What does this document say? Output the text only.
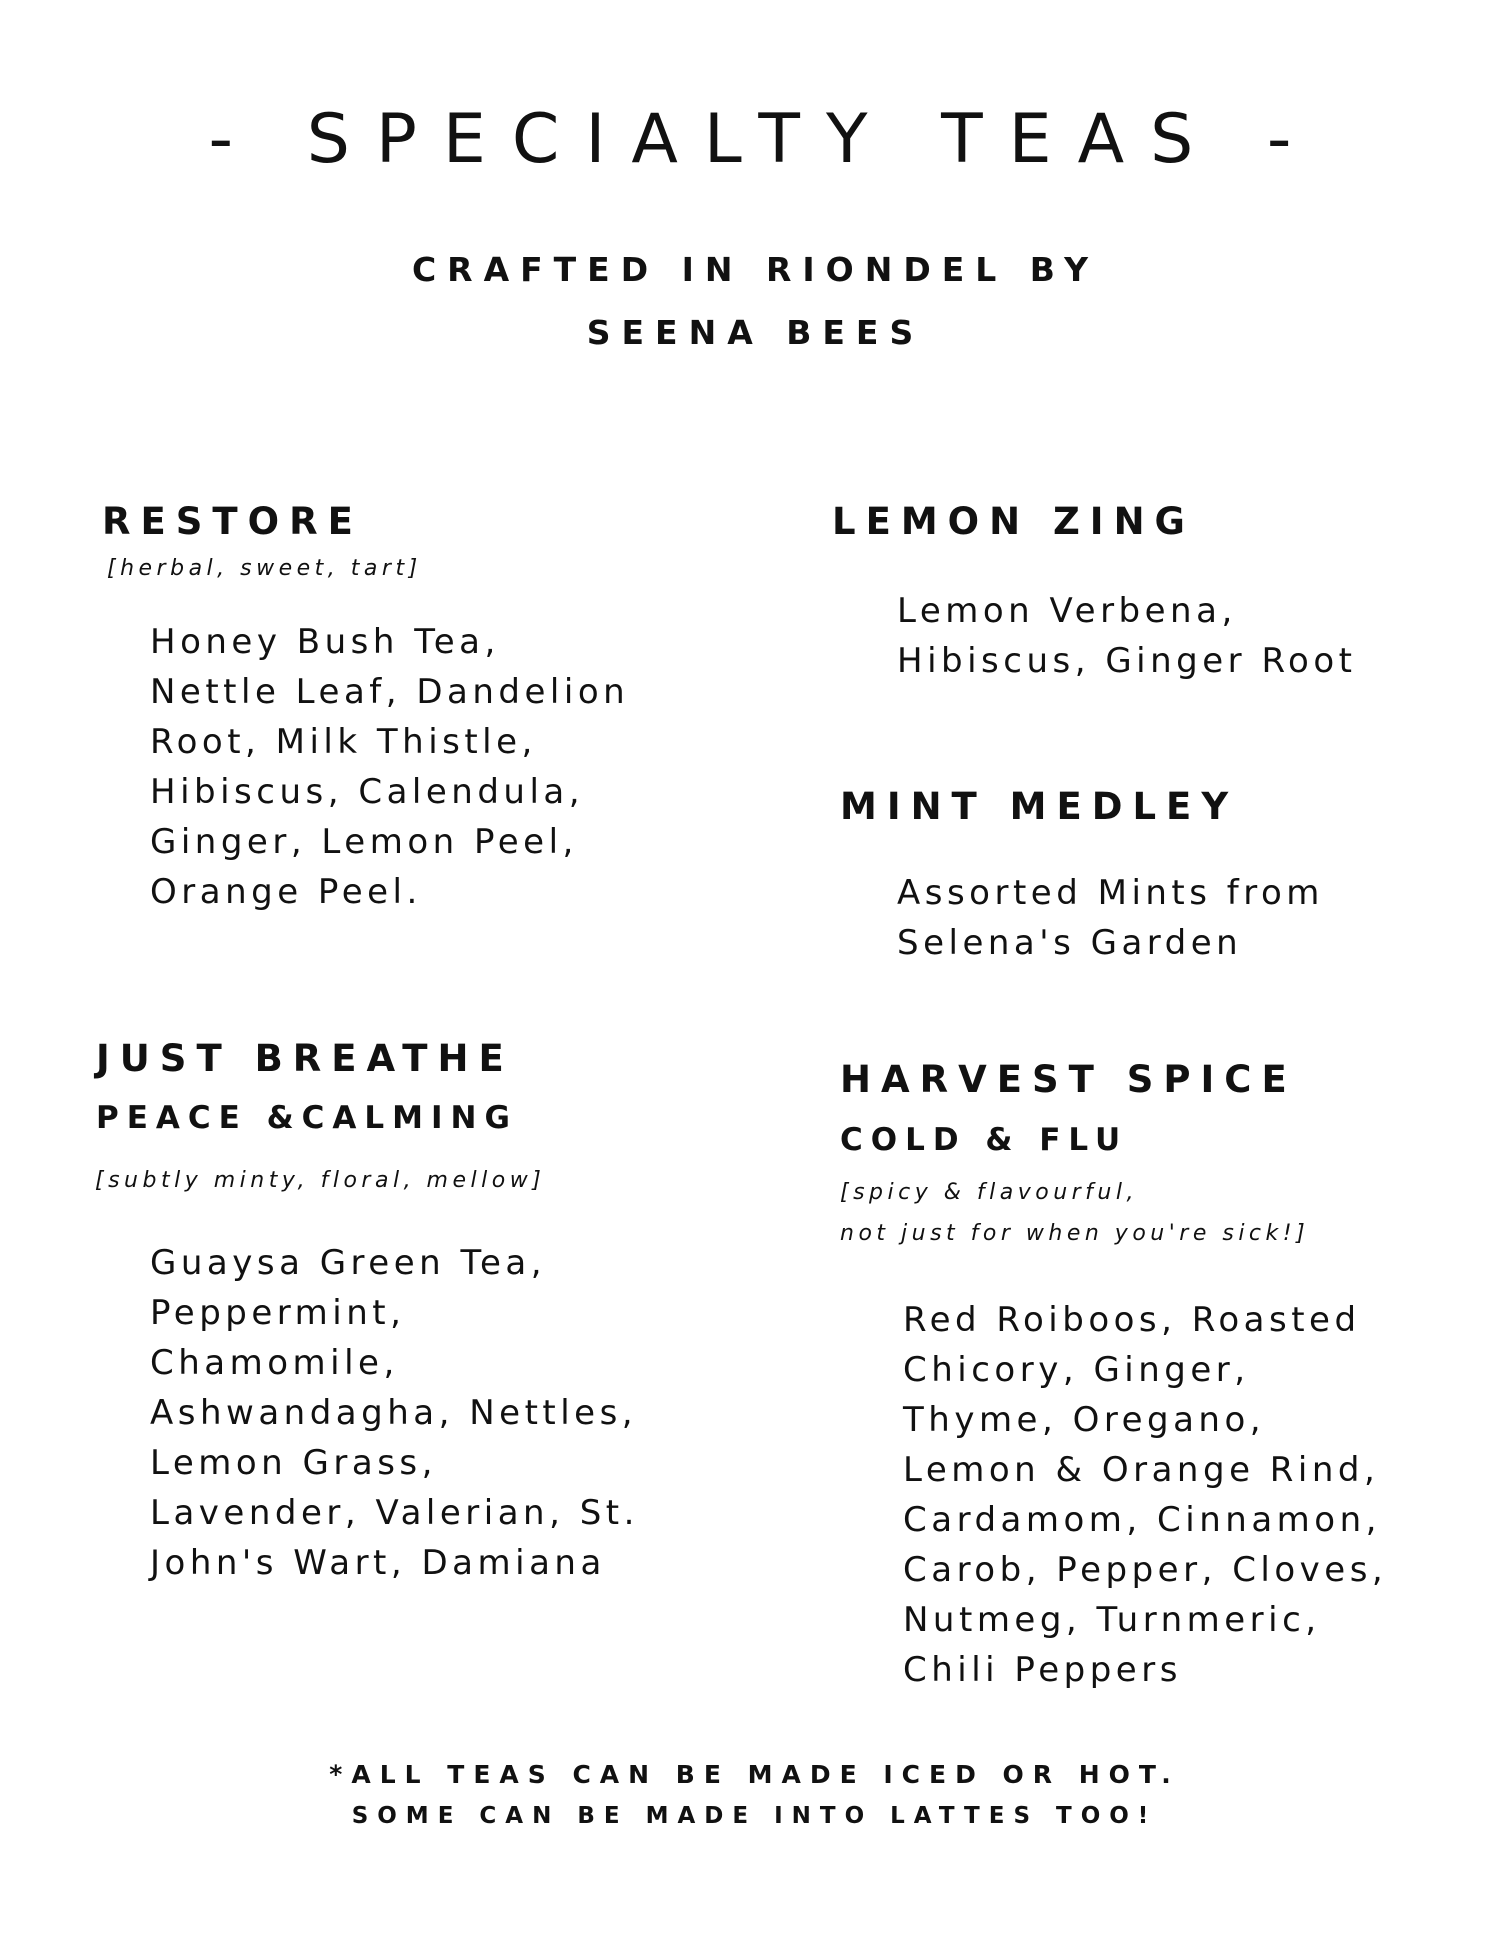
- SPECIALTY TEAS -
CRAFTED IN RIONDEL BY
SEENA BEES
RESTORE
[herbal, sweet, tart]
Honey Bush Tea,
Nettle Leaf, Dandelion
Root, Milk Thistle,
Hibiscus, Calendula,
Ginger, Lemon Peel,
Orange Peel.
LEMON ZING
Lemon Verbena,
Hibiscus, Ginger Root
MINT MEDLEY
Assorted Mints from
Selena's Garden
JUST BREATHE
PEACE &CALMING
[subtly minty, floral, mellow]
Guaysa Green Tea,
Peppermint,
Chamomile,
Ashwandagha, Nettles,
Lemon Grass,
Lavender, Valerian, St.
John's Wart, Damiana
HARVEST SPICE
COLD & FLU
[spicy & flavourful,
not just for when you're sick!]
Red Roiboos, Roasted
Chicory, Ginger,
Thyme, Oregano,
Lemon & Orange Rind,
Cardamom, Cinnamon,
Carob, Pepper, Cloves,
Nutmeg, Turnmeric,
Chili Peppers
*ALL TEAS CAN BE MADE ICED OR HOT.
SOME CAN BE MADE INTO LATTES TOO!
